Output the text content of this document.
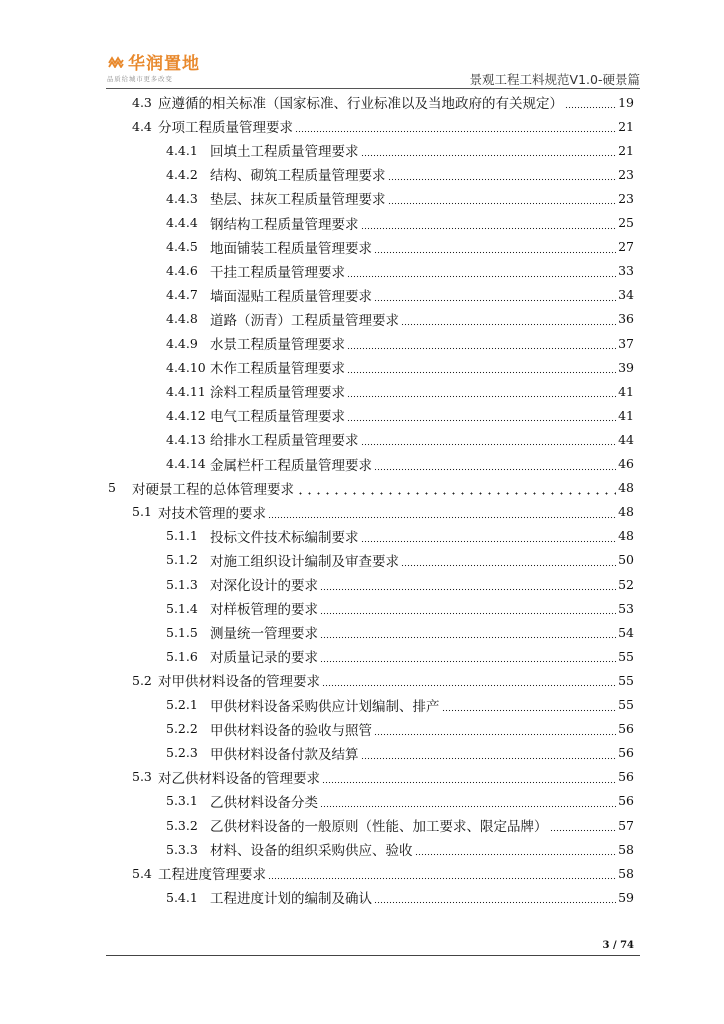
华润置地
品质给城市更多改变	景观工程工料规范V1.0-硬景篇
4.3 应遵循的相关标准（国家标准、行业标准以及当地政府的有关规定）	19
4.4 分项工程质量管理要求	21
4.4.1 回填土工程质量管理要求	21
4.4.2 结构、砌筑工程质量管理要求	23
4.4.3 垫层、抹灰工程质量管理要求	23
4.4.4 钢结构工程质量管理要求	25
4.4.5 地面铺装工程质量管理要求	27
4.4.6 干挂工程质量管理要求	33
4.4.7 墙面湿贴工程质量管理要求	34
4.4.8 道路（沥青）工程质量管理要求	36
4.4.9 水景工程质量管理要求	37
4.4.10 木作工程质量管理要求	39
4.4.11 涂料工程质量管理要求	41
4.4.12 电气工程质量管理要求	41
4.4.13 给排水工程质量管理要求	44
4.4.14 金属栏杆工程质量管理要求	46
5	对硬景工程的总体管理要求	48
5.1 对技术管理的要求	48
5.1.1 投标文件技术标编制要求	48
5.1.2 对施工组织设计编制及审查要求	50
5.1.3 对深化设计的要求	52
5.1.4 对样板管理的要求	53
5.1.5 测量统一管理要求	54
5.1.6 对质量记录的要求	55
5.2 对甲供材料设备的管理要求	55
5.2.1 甲供材料设备采购供应计划编制、排产	55
5.2.2 甲供材料设备的验收与照管	56
5.2.3 甲供材料设备付款及结算	56
5.3 对乙供材料设备的管理要求	56
5.3.1 乙供材料设备分类	56
5.3.2 乙供材料设备的一般原则（性能、加工要求、限定品牌）	57
5.3.3 材料、设备的组织采购供应、验收	58
5.4 工程进度管理要求	58
5.4.1 工程进度计划的编制及确认	59
3 / 74
